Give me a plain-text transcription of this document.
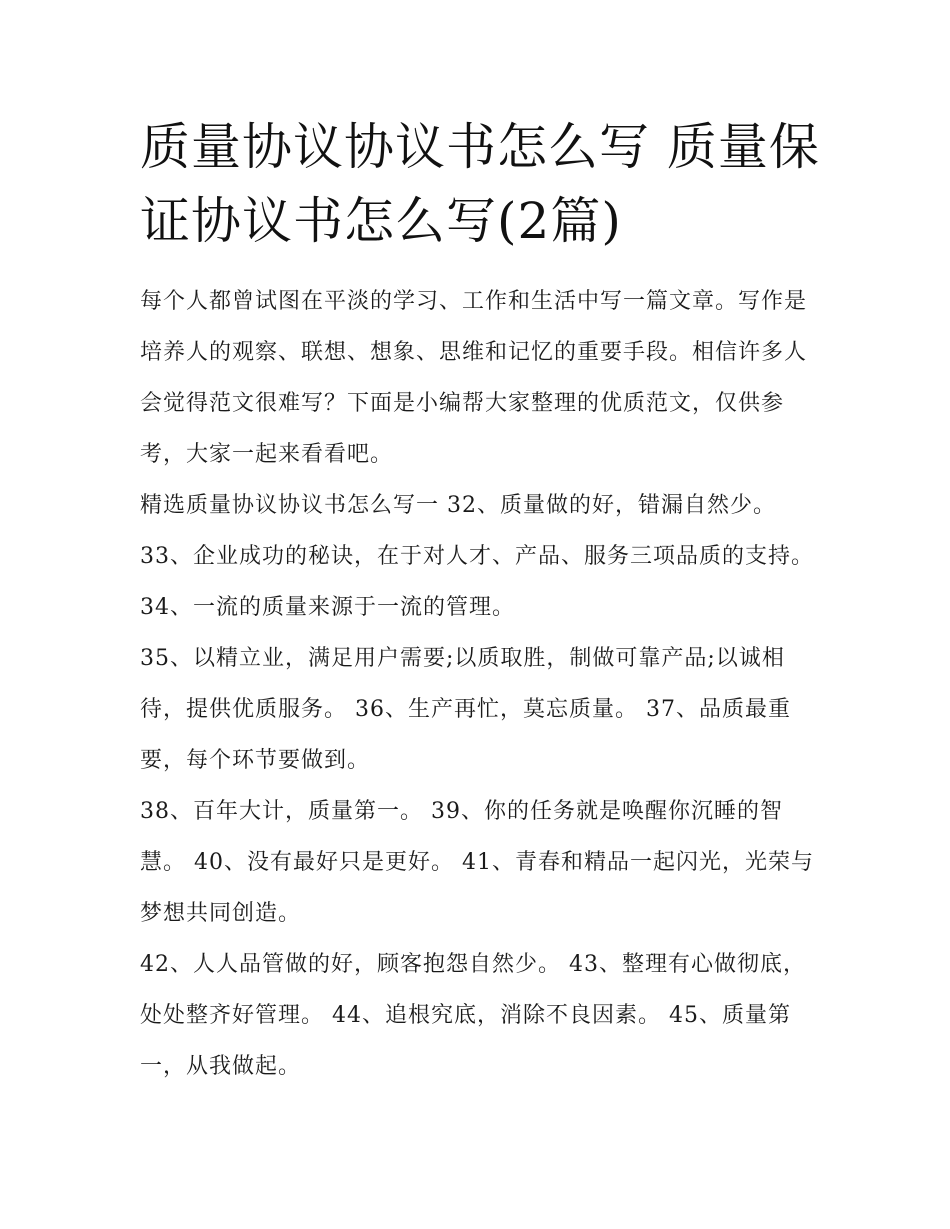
质量协议协议书怎么写 质量保证协议书怎么写(2篇)

每个人都曾试图在平淡的学习、工作和生活中写一篇文章。写作是培养人的观察、联想、想象、思维和记忆的重要手段。相信许多人会觉得范文很难写？下面是小编帮大家整理的优质范文，仅供参考，大家一起来看看吧。

精选质量协议协议书怎么写一 32、质量做的好，错漏自然少。 33、企业成功的秘诀，在于对人才、产品、服务三项品质的支持。 34、一流的质量来源于一流的管理。

35、以精立业，满足用户需要;以质取胜，制做可靠产品;以诚相待，提供优质服务。 36、生产再忙，莫忘质量。 37、品质最重要，每个环节要做到。

38、百年大计，质量第一。 39、你的任务就是唤醒你沉睡的智慧。 40、没有最好只是更好。 41、青春和精品一起闪光，光荣与梦想共同创造。

42、人人品管做的好，顾客抱怨自然少。 43、整理有心做彻底，处处整齐好管理。 44、追根究底，消除不良因素。 45、质量第一，从我做起。
